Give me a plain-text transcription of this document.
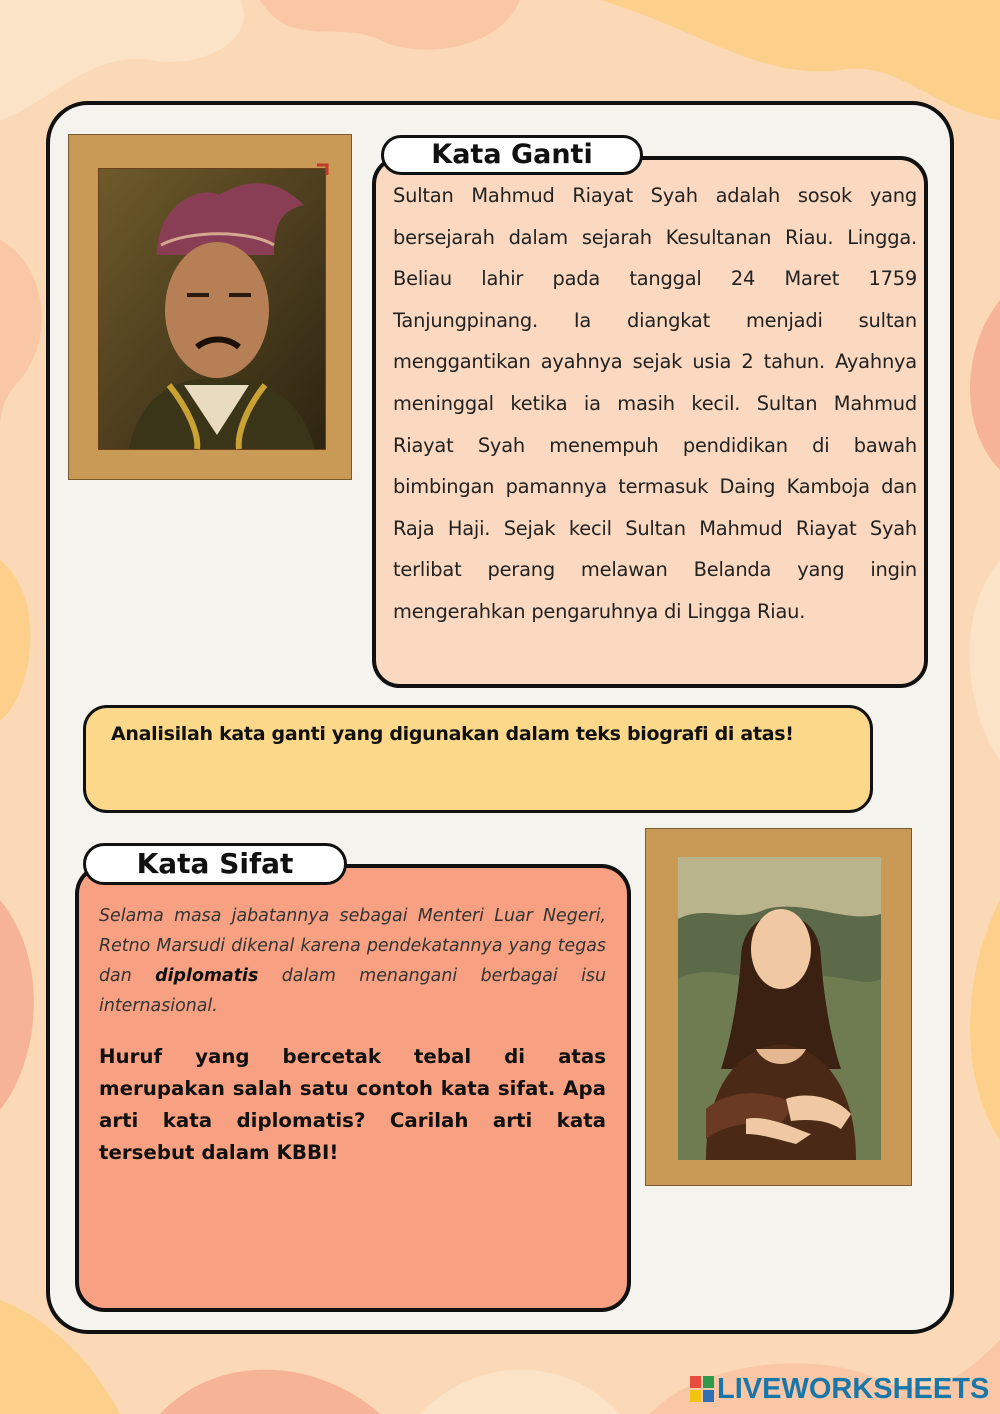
Kata Ganti

Sultan Mahmud Riayat Syah adalah sosok yang bersejarah dalam sejarah Kesultanan Riau. Lingga. Beliau lahir pada tanggal 24 Maret 1759 Tanjungpinang. Ia diangkat menjadi sultan menggantikan ayahnya sejak usia 2 tahun. Ayahnya meninggal ketika ia masih kecil. Sultan Mahmud Riayat Syah menempuh pendidikan di bawah bimbingan pamannya termasuk Daing Kamboja dan Raja Haji. Sejak kecil Sultan Mahmud Riayat Syah terlibat perang melawan Belanda yang ingin mengerahkan pengaruhnya di Lingga Riau.

Analisilah kata ganti yang digunakan dalam teks biografi di atas!
Kata Sifat

Selama masa jabatannya sebagai Menteri Luar Negeri, Retno Marsudi dikenal karena pendekatannya yang tegas dan diplomatis dalam menangani berbagai isu internasional.

Huruf yang bercetak tebal di atas merupakan salah satu contoh kata sifat. Apa arti kata diplomatis? Carilah arti kata tersebut dalam KBBI!

LIVEWORKSHEETS
